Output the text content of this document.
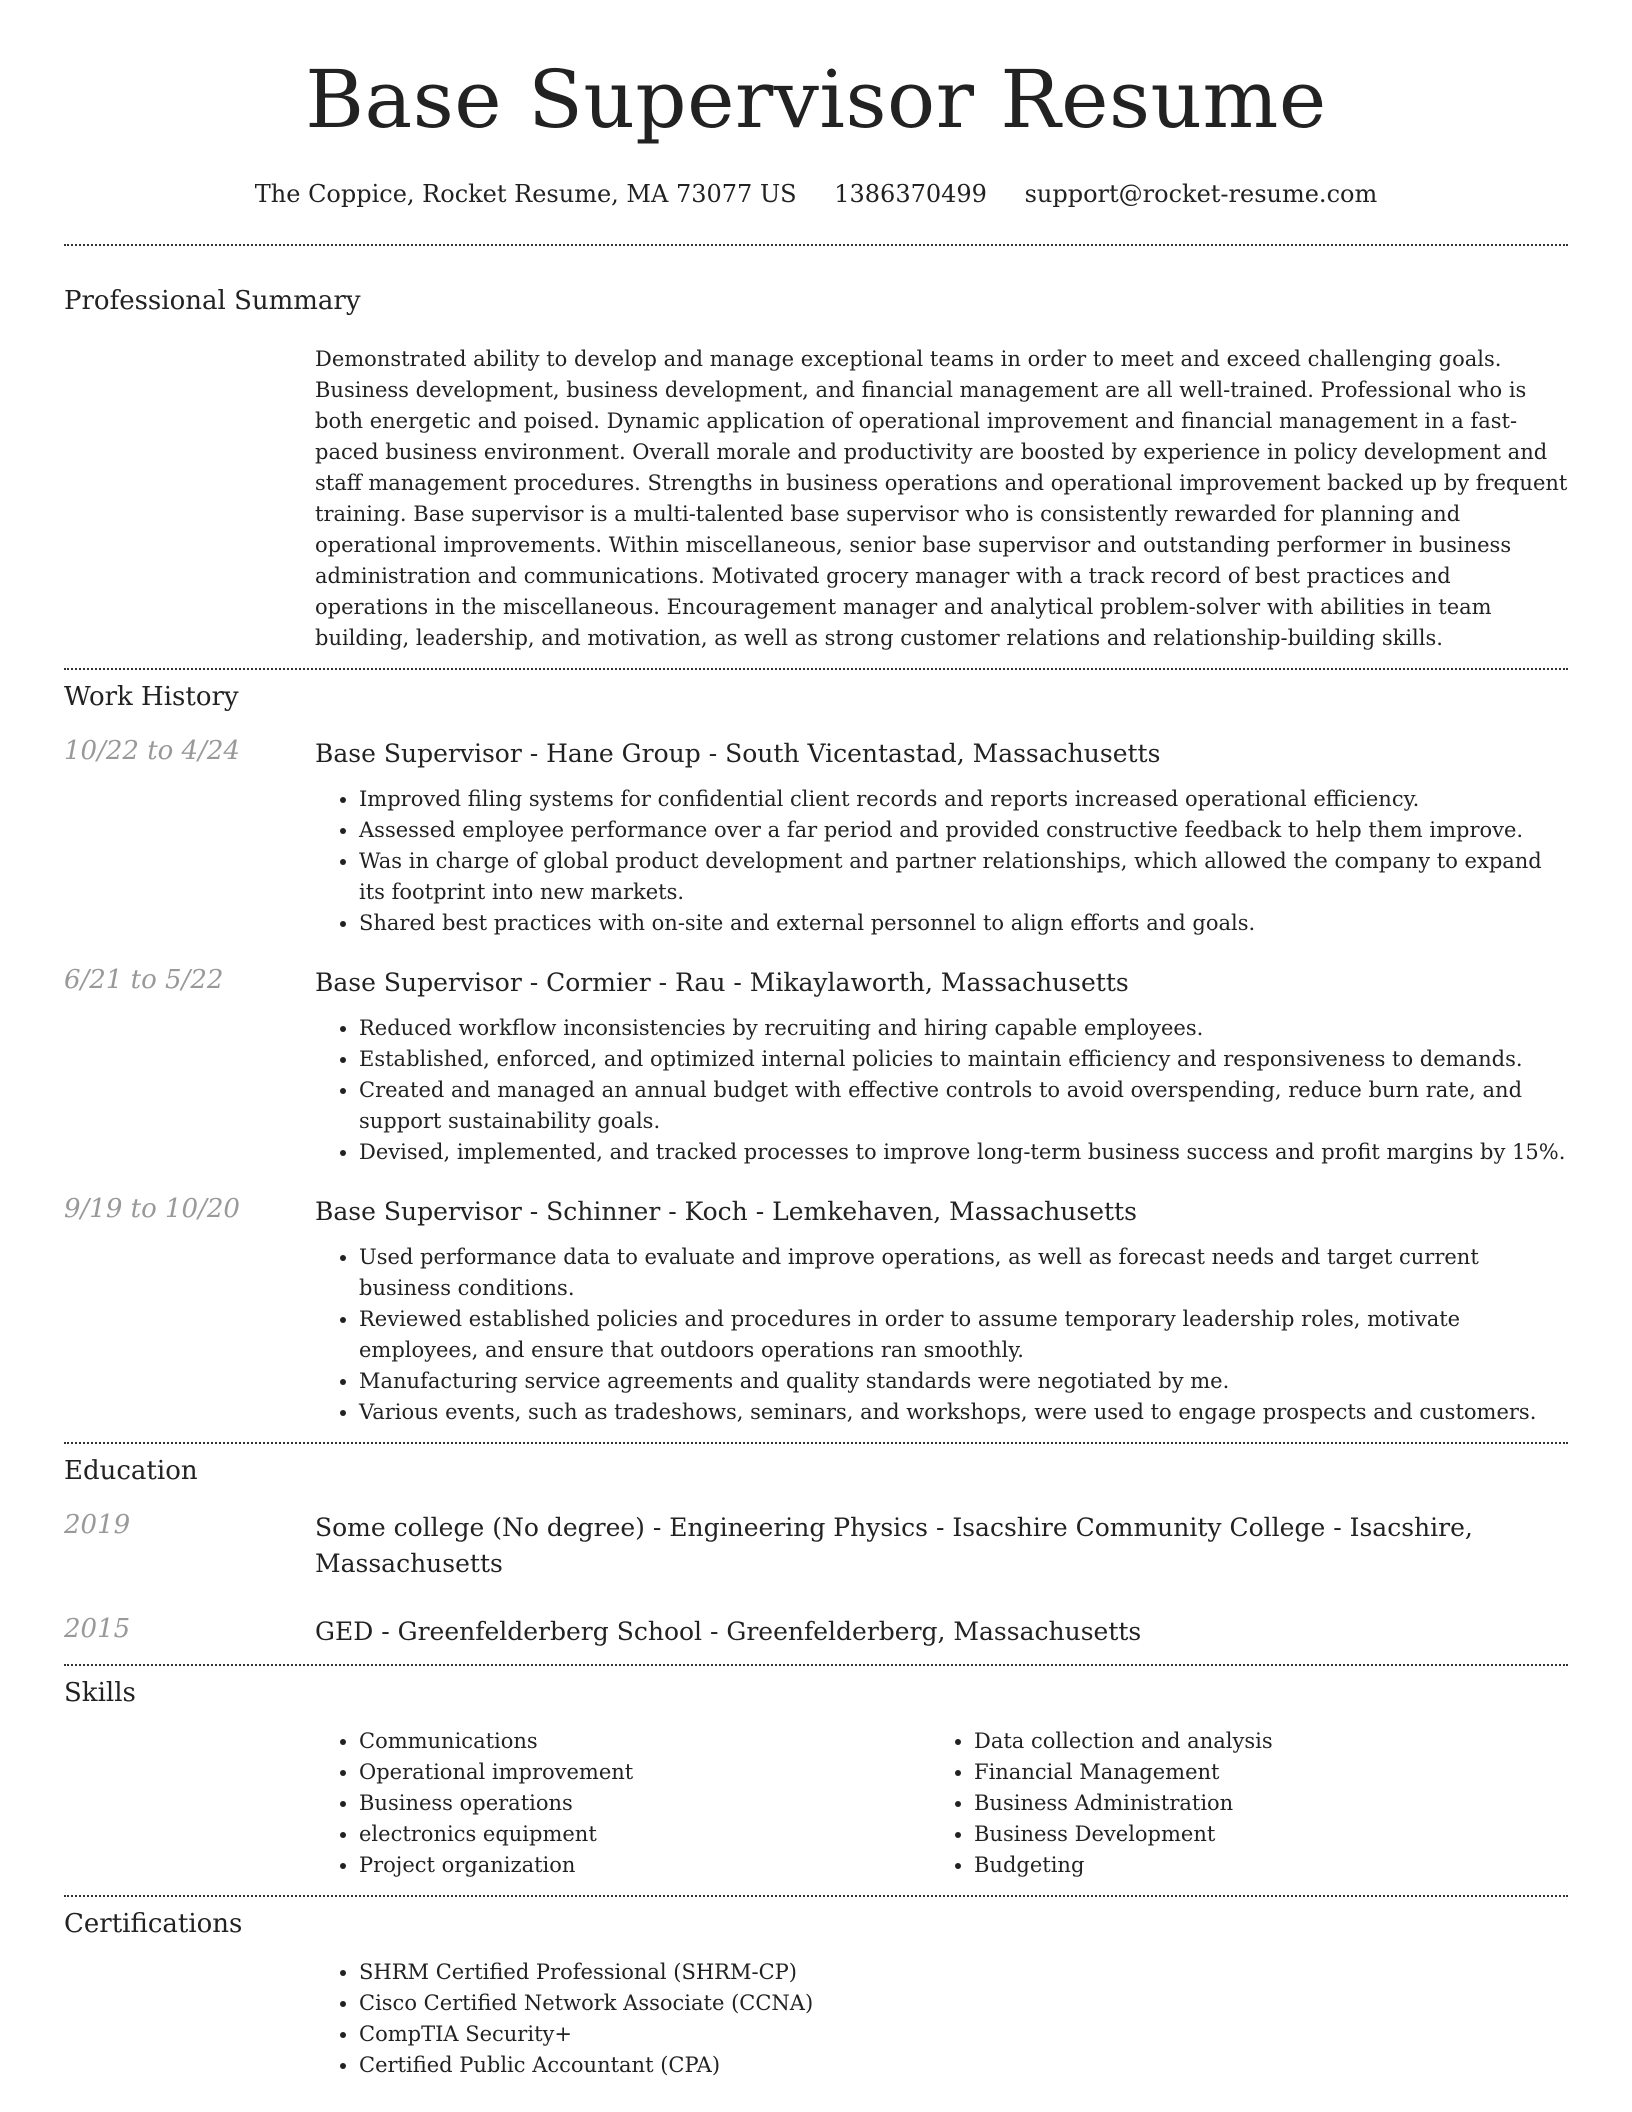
Base Supervisor Resume
The Coppice, Rocket Resume, MA 73077 US 1386370499 support@rocket-resume.com
Professional Summary
Demonstrated ability to develop and manage exceptional teams in order to meet and exceed challenging goals. Business development, business development, and financial management are all well-trained. Professional who is both energetic and poised. Dynamic application of operational improvement and financial management in a fast-paced business environment. Overall morale and productivity are boosted by experience in policy development and staff management procedures. Strengths in business operations and operational improvement backed up by frequent training. Base supervisor is a multi-talented base supervisor who is consistently rewarded for planning and operational improvements. Within miscellaneous, senior base supervisor and outstanding performer in business administration and communications. Motivated grocery manager with a track record of best practices and operations in the miscellaneous. Encouragement manager and analytical problem-solver with abilities in team building, leadership, and motivation, as well as strong customer relations and relationship-building skills.
Work History
10/22 to 4/24	Base Supervisor - Hane Group - South Vicentastad, Massachusetts
• Improved filing systems for confidential client records and reports increased operational efficiency.
• Assessed employee performance over a far period and provided constructive feedback to help them improve.
• Was in charge of global product development and partner relationships, which allowed the company to expand its footprint into new markets.
• Shared best practices with on-site and external personnel to align efforts and goals.
6/21 to 5/22	Base Supervisor - Cormier - Rau - Mikaylaworth, Massachusetts
• Reduced workflow inconsistencies by recruiting and hiring capable employees.
• Established, enforced, and optimized internal policies to maintain efficiency and responsiveness to demands.
• Created and managed an annual budget with effective controls to avoid overspending, reduce burn rate, and support sustainability goals.
• Devised, implemented, and tracked processes to improve long-term business success and profit margins by 15%.
9/19 to 10/20	Base Supervisor - Schinner - Koch - Lemkehaven, Massachusetts
• Used performance data to evaluate and improve operations, as well as forecast needs and target current business conditions.
• Reviewed established policies and procedures in order to assume temporary leadership roles, motivate employees, and ensure that outdoors operations ran smoothly.
• Manufacturing service agreements and quality standards were negotiated by me.
• Various events, such as tradeshows, seminars, and workshops, were used to engage prospects and customers.
Education
2019	Some college (No degree) - Engineering Physics - Isacshire Community College - Isacshire, Massachusetts
2015	GED - Greenfelderberg School - Greenfelderberg, Massachusetts
Skills
• Communications
• Operational improvement
• Business operations
• electronics equipment
• Project organization
• Data collection and analysis
• Financial Management
• Business Administration
• Business Development
• Budgeting
Certifications
• SHRM Certified Professional (SHRM-CP)
• Cisco Certified Network Associate (CCNA)
• CompTIA Security+
• Certified Public Accountant (CPA)
